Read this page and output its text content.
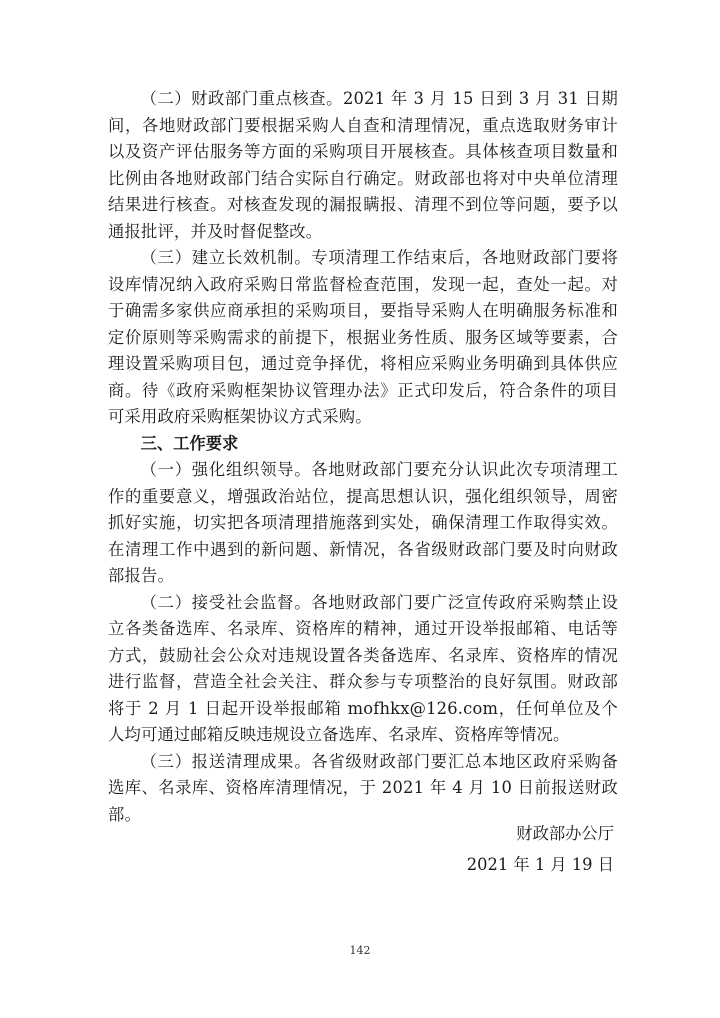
（二）财政部门重点核查。2021 年 3 月 15 日到 3 月 31 日期间，各地财政部门要根据采购人自查和清理情况，重点选取财务审计以及资产评估服务等方面的采购项目开展核查。具体核查项目数量和比例由各地财政部门结合实际自行确定。财政部也将对中央单位清理结果进行核查。对核查发现的漏报瞒报、清理不到位等问题，要予以通报批评，并及时督促整改。

（三）建立长效机制。专项清理工作结束后，各地财政部门要将设库情况纳入政府采购日常监督检查范围，发现一起，查处一起。对于确需多家供应商承担的采购项目，要指导采购人在明确服务标准和定价原则等采购需求的前提下，根据业务性质、服务区域等要素，合理设置采购项目包，通过竞争择优，将相应采购业务明确到具体供应商。待《政府采购框架协议管理办法》正式印发后，符合条件的项目可采用政府采购框架协议方式采购。

三、工作要求

（一）强化组织领导。各地财政部门要充分认识此次专项清理工作的重要意义，增强政治站位，提高思想认识，强化组织领导，周密抓好实施，切实把各项清理措施落到实处，确保清理工作取得实效。在清理工作中遇到的新问题、新情况，各省级财政部门要及时向财政部报告。

（二）接受社会监督。各地财政部门要广泛宣传政府采购禁止设立各类备选库、名录库、资格库的精神，通过开设举报邮箱、电话等方式，鼓励社会公众对违规设置各类备选库、名录库、资格库的情况进行监督，营造全社会关注、群众参与专项整治的良好氛围。财政部将于 2 月 1 日起开设举报邮箱 mofhkx@126.com，任何单位及个人均可通过邮箱反映违规设立备选库、名录库、资格库等情况。

（三）报送清理成果。各省级财政部门要汇总本地区政府采购备选库、名录库、资格库清理情况，于 2021 年 4 月 10 日前报送财政部。

财政部办公厅
2021 年 1 月 19 日
142
